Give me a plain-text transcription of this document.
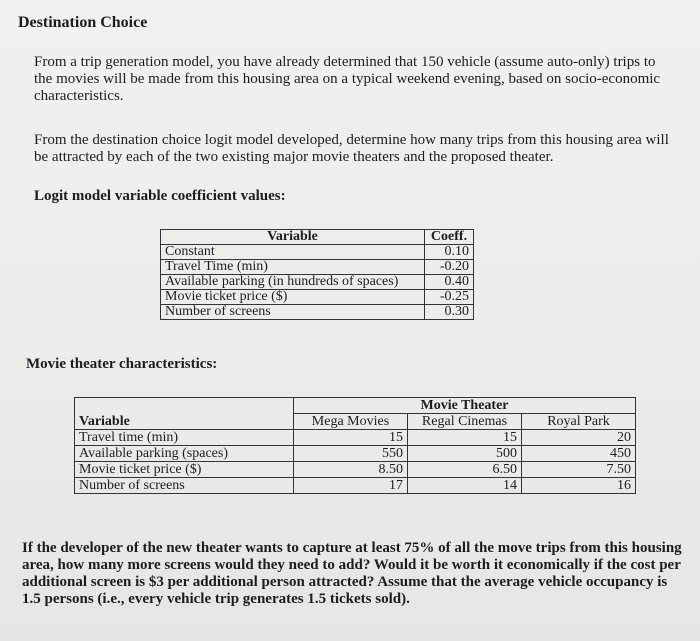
Destination Choice
From a trip generation model, you have already determined that 150 vehicle (assume auto-only) trips to the movies will be made from this housing area on a typical weekend evening, based on socio-economic characteristics.
From the destination choice logit model developed, determine how many trips from this housing area will be attracted by each of the two existing major movie theaters and the proposed theater.
Logit model variable coefficient values:
Variable	Coeff.
Constant	0.10
Travel Time (min)	-0.20
Available parking (in hundreds of spaces)	0.40
Movie ticket price ($)	-0.25
Number of screens	0.30
Movie theater characteristics:
	Movie Theater		
Variable	Mega Movies	Regal Cinemas	Royal Park
Travel time (min)	15	15	20
Available parking (spaces)	550	500	450
Movie ticket price ($)	8.50	6.50	7.50
Number of screens	17	14	16
If the developer of the new theater wants to capture at least 75% of all the move trips from this housing area, how many more screens would they need to add? Would it be worth it economically if the cost per additional screen is $3 per additional person attracted? Assume that the average vehicle occupancy is 1.5 persons (i.e., every vehicle trip generates 1.5 tickets sold).
